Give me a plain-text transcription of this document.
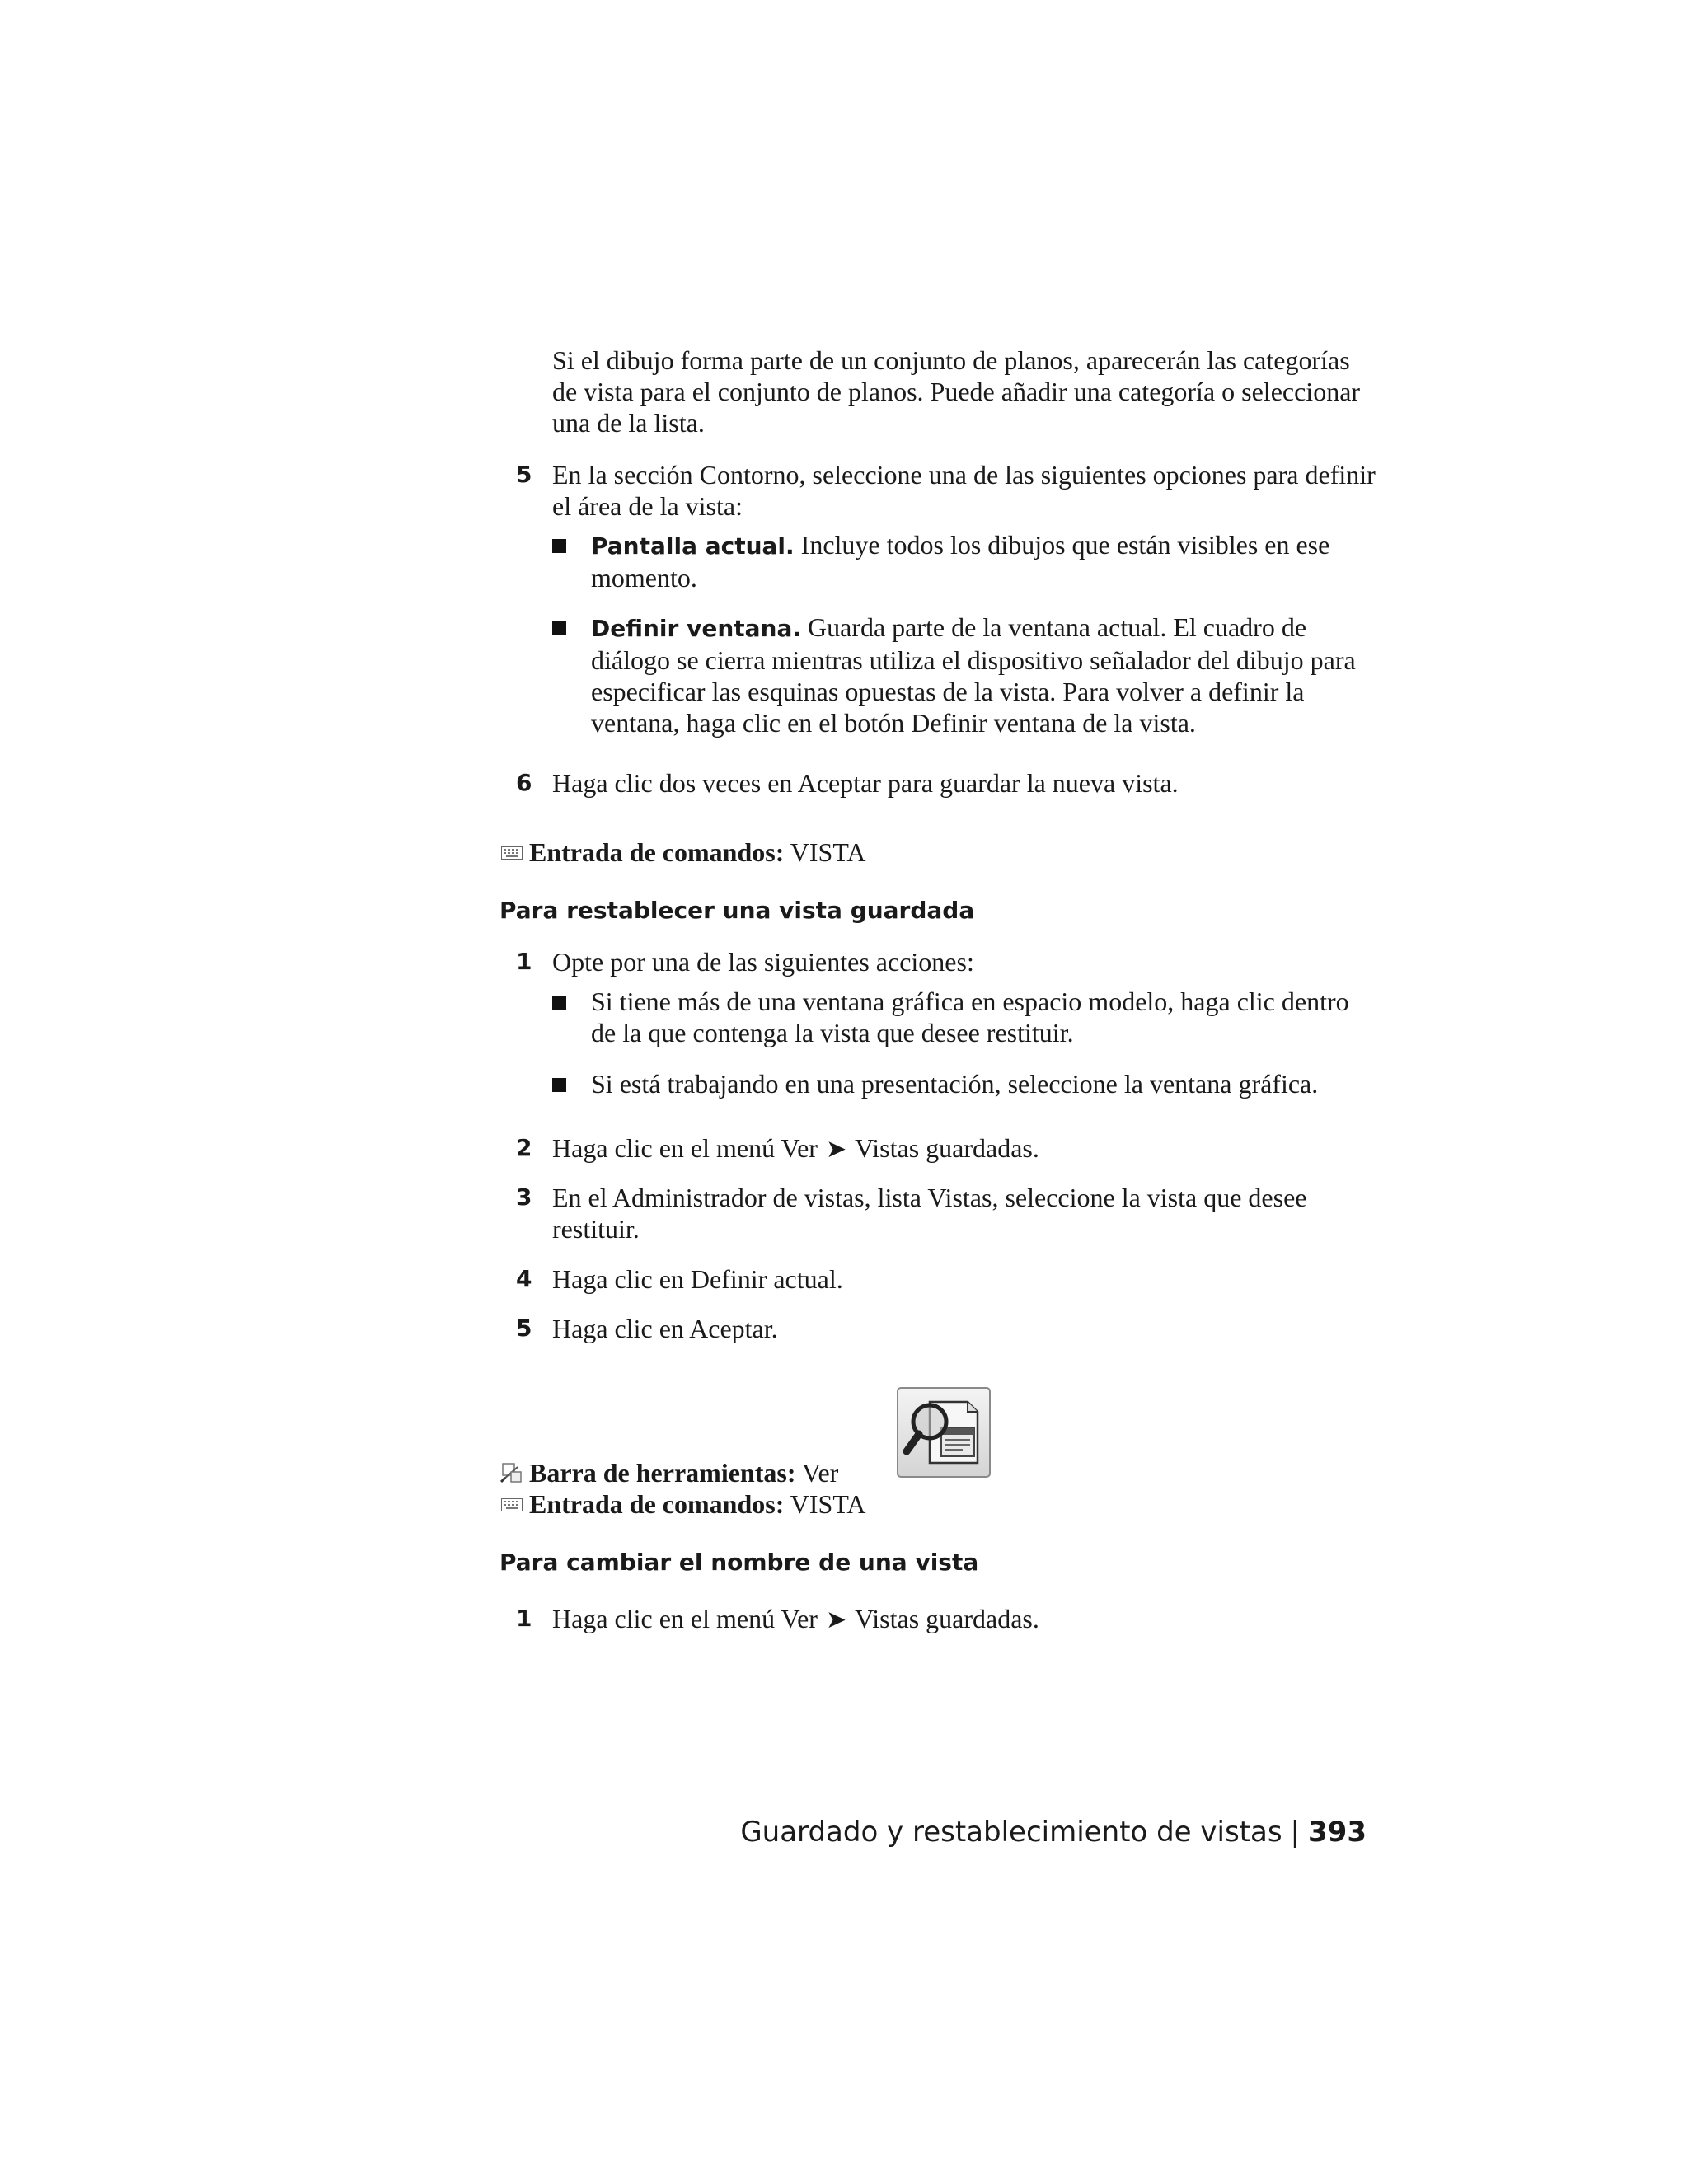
Si el dibujo forma parte de un conjunto de planos, aparecerán las categorías de vista para el conjunto de planos. Puede añadir una categoría o seleccionar una de la lista.
5 En la sección Contorno, seleccione una de las siguientes opciones para definir el área de la vista:
Pantalla actual. Incluye todos los dibujos que están visibles en ese momento.
Definir ventana. Guarda parte de la ventana actual. El cuadro de diálogo se cierra mientras utiliza el dispositivo señalador del dibujo para especificar las esquinas opuestas de la vista. Para volver a definir la ventana, haga clic en el botón Definir ventana de la vista.
6 Haga clic dos veces en Aceptar para guardar la nueva vista.
Entrada de comandos: VISTA
Para restablecer una vista guardada
1 Opte por una de las siguientes acciones:
Si tiene más de una ventana gráfica en espacio modelo, haga clic dentro de la que contenga la vista que desee restituir.
Si está trabajando en una presentación, seleccione la ventana gráfica.
2 Haga clic en el menú Ver ➤ Vistas guardadas.
3 En el Administrador de vistas, lista Vistas, seleccione la vista que desee restituir.
4 Haga clic en Definir actual.
5 Haga clic en Aceptar.
Barra de herramientas: Ver
Entrada de comandos: VISTA
Para cambiar el nombre de una vista
1 Haga clic en el menú Ver ➤ Vistas guardadas.
Guardado y restablecimiento de vistas | 393
